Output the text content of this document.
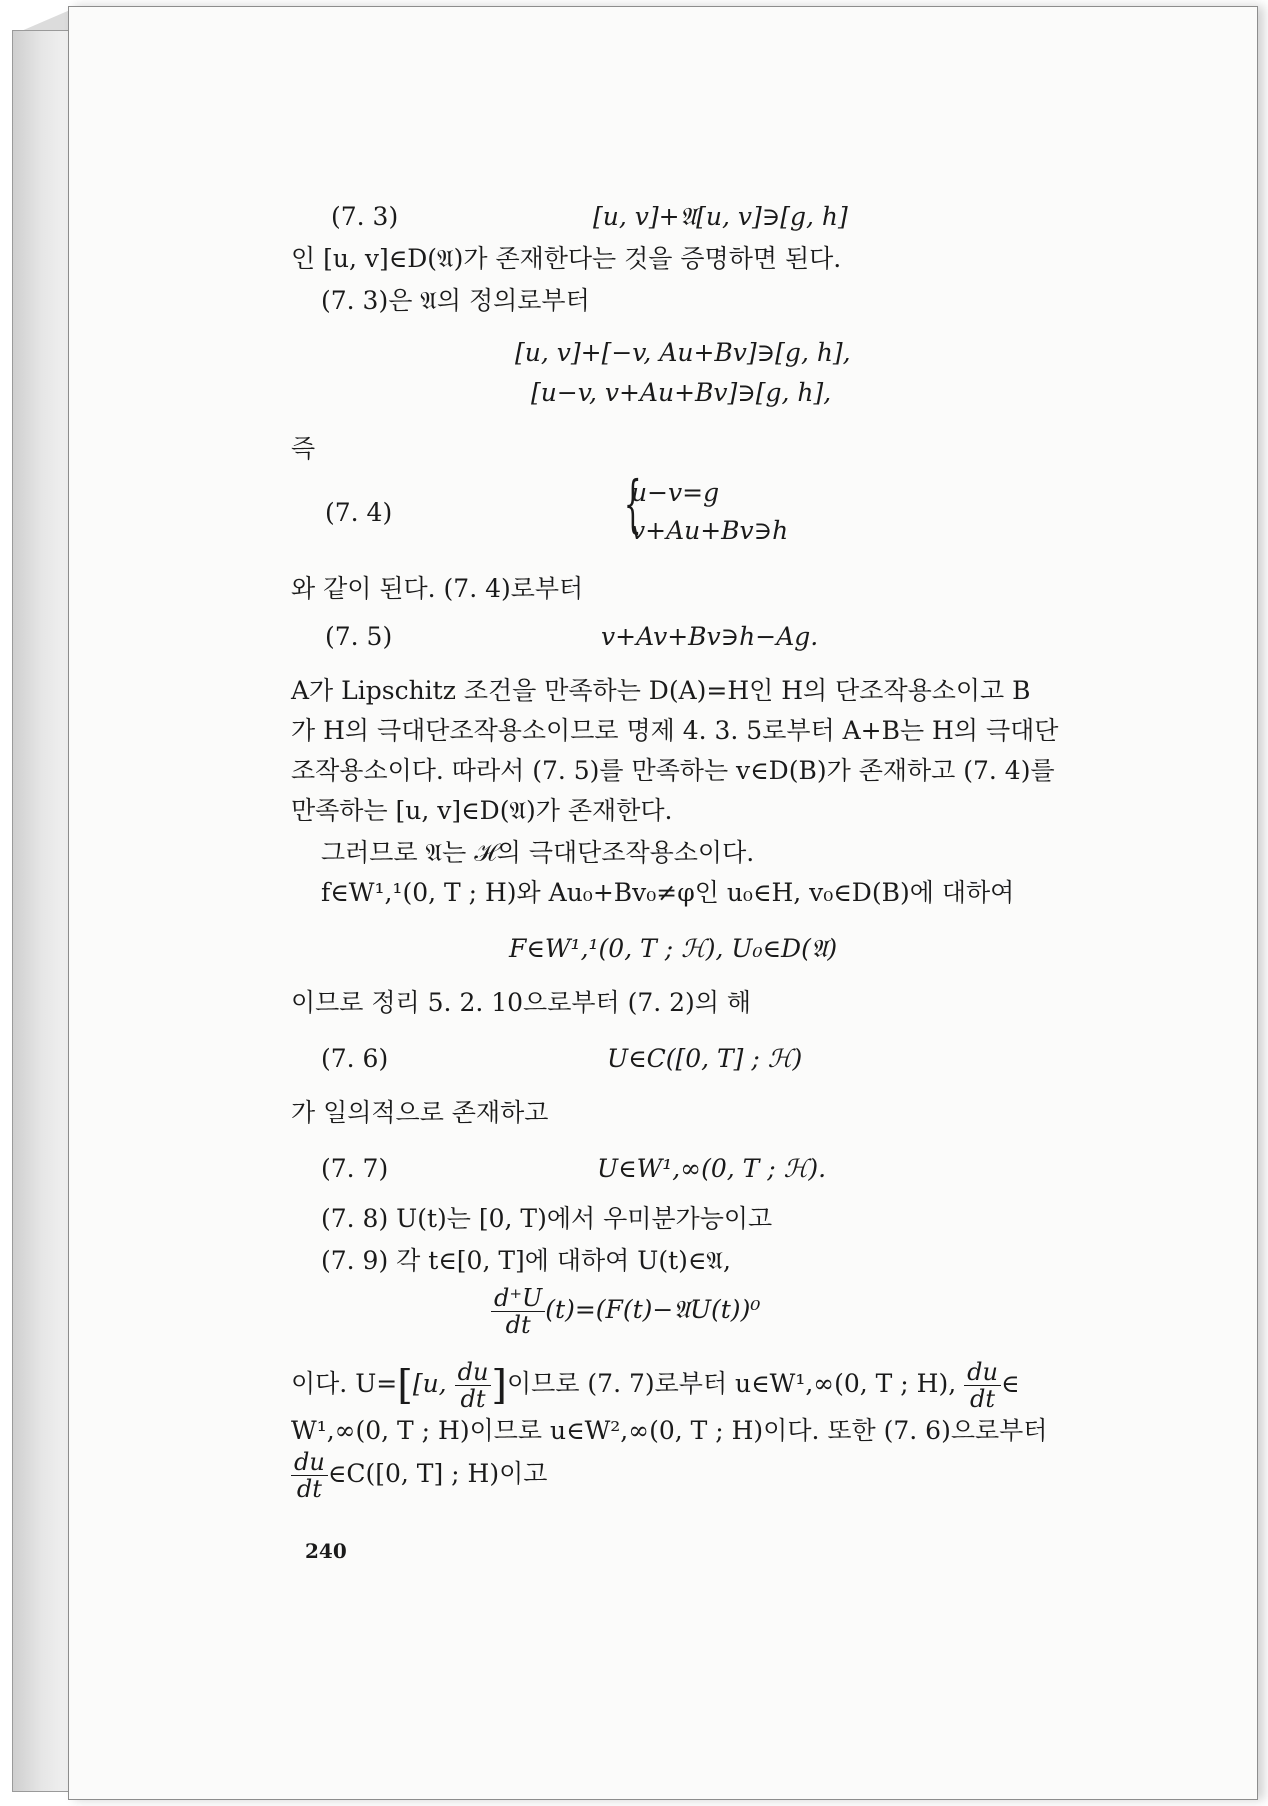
(7. 3)	[u, v]+𝔄[u, v]∋[g, h]
인 [u, v]∈D(𝔄)가 존재한다는 것을 증명하면 된다.
(7. 3)은 𝔄의 정의로부터
[u, v]+[−v, Au+Bv]∋[g, h],
[u−v, v+Au+Bv]∋[g, h],
즉
(7. 4)	{
u−v=g
v+Au+Bv∋h
와 같이 된다. (7. 4)로부터
(7. 5)	v+Av+Bv∋h−Ag.
A가 Lipschitz 조건을 만족하는 D(A)=H인 H의 단조작용소이고 B
가 H의 극대단조작용소이므로 명제 4. 3. 5로부터 A+B는 H의 극대단
조작용소이다. 따라서 (7. 5)를 만족하는 v∈D(B)가 존재하고 (7. 4)를
만족하는 [u, v]∈D(𝔄)가 존재한다.
그러므로 𝔄는 ℋ의 극대단조작용소이다.
f∈W¹,¹(0, T ; H)와 Au₀+Bv₀≠φ인 u₀∈H, v₀∈D(B)에 대하여
F∈W¹,¹(0, T ; ℋ), U₀∈D(𝔄)
이므로 정리 5. 2. 10으로부터 (7. 2)의 해
(7. 6)	U∈C([0, T] ; ℋ)
가 일의적으로 존재하고
(7. 7)	U∈W¹,∞(0, T ; ℋ).
(7. 8) U(t)는 [0, T)에서 우미분가능이고
(7. 9) 각 t∈[0, T]에 대하여 U(t)∈𝔄,
$\frac{d^+U}{dt}$ (t)=(F(t)−𝔄U(t))⁰
이다. U=[[u, $\frac{du}{dt}$ ]이므로 (7. 7)로부터 u∈W¹,∞(0, T ; H), $\frac{du}{dt}$ ∈
W¹,∞(0, T ; H)이므로 u∈W²,∞(0, T ; H)이다. 또한 (7. 6)으로부터
$\frac{du}{dt}$ ∈C([0, T] ; H)이고
240
